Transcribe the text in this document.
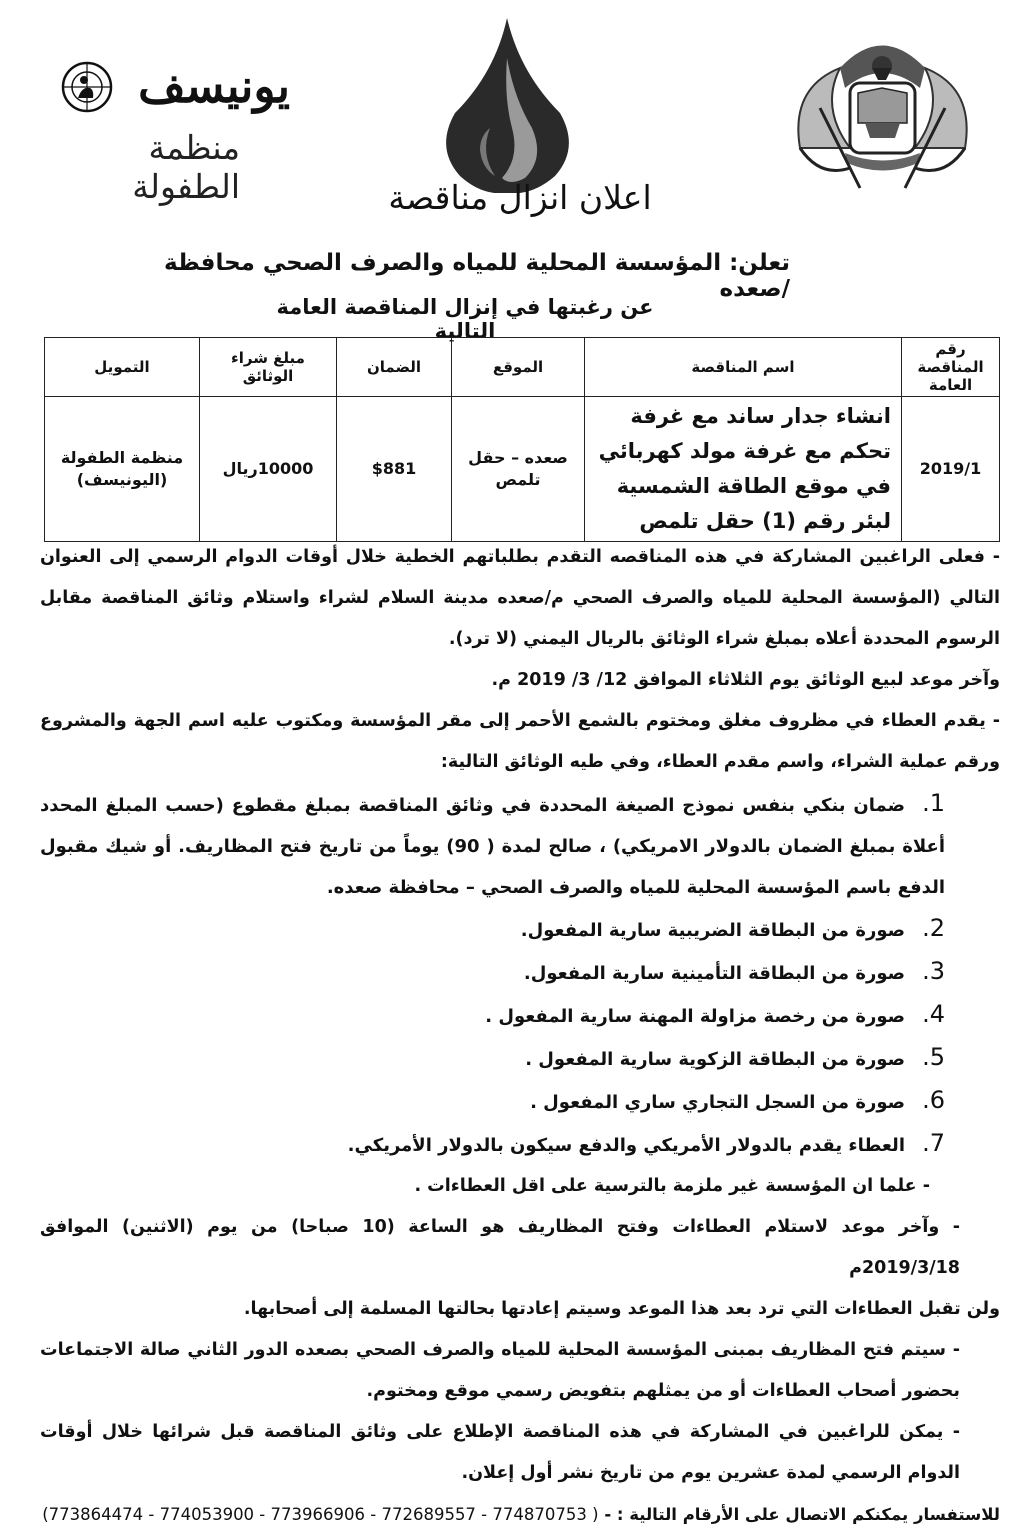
يونيسف
منظمة الطفولة	اعلان انزال مناقصة
تعلن: المؤسسة المحلية للمياه والصرف الصحي محافظة /صعده
عن رغبتها في إنزال المناقصة العامة التالية
رقم المناقصة العامة	اسم المناقصة	الموقع	الضمان	مبلغ شراء الوثائق	التمويل
2019/1	انشاء جدار ساند مع غرفة تحكم مع غرفة مولد كهربائي في موقع الطاقة الشمسية لبئر رقم (1) حقل تلمص	صعده – حقل تلمص	$881	10000ريال	منظمة الطفولة (اليونيسف)

- فعلى الراغبين المشاركة في هذه المناقصه التقدم بطلباتهم الخطية خلال أوقات الدوام الرسمي إلى العنوان التالي (المؤسسة المحلية للمياه والصرف الصحي م/صعده مدينة السلام لشراء واستلام وثائق المناقصة مقابل الرسوم المحددة أعلاه بمبلغ شراء الوثائق بالريال اليمني (لا ترد).

وآخر موعد لبيع الوثائق يوم الثلاثاء الموافق 12/ 3/ 2019 م.

- يقدم العطاء في مظروف مغلق ومختوم بالشمع الأحمر إلى مقر المؤسسة ومكتوب عليه اسم الجهة والمشروع ورقم عملية الشراء، واسم مقدم العطاء، وفي طيه الوثائق التالية:

1.ضمان بنكي بنفس نموذج الصيغة المحددة في وثائق المناقصة بمبلغ مقطوع (حسب المبلغ المحدد أعلاة بمبلغ الضمان بالدولار الامريكي) ، صالح لمدة ( 90) يوماً من تاريخ فتح المظاريف. أو شيك مقبول الدفع باسم المؤسسة المحلية للمياه والصرف الصحي – محافظة صعده.

2.صورة من البطاقة الضريبية سارية المفعول.

3.صورة من البطاقة التأمينية سارية المفعول.

4.صورة من رخصة مزاولة المهنة سارية المفعول .

5.صورة من البطاقة الزكوية سارية المفعول .

6.صورة من السجل التجاري ساري المفعول .

7.العطاء يقدم بالدولار الأمريكي والدفع سيكون بالدولار الأمريكي.

- علما ان المؤسسة غير ملزمة بالترسية على اقل العطاءات .

- وآخر موعد لاستلام العطاءات وفتح المظاريف هو الساعة (10 صباحا) من يوم (الاثنين) الموافق 2019/3/18م

ولن تقبل العطاءات التي ترد بعد هذا الموعد وسيتم إعادتها بحالتها المسلمة إلى أصحابها.

- سيتم فتح المظاريف بمبنى المؤسسة المحلية للمياه والصرف الصحي بصعده الدور الثاني صالة الاجتماعات بحضور أصحاب العطاءات أو من يمثلهم بتفويض رسمي موقع ومختوم.

- يمكن للراغبين في المشاركة في هذه المناقصة الإطلاع على وثائق المناقصة قبل شرائها خلال أوقات الدوام الرسمي لمدة عشرين يوم من تاريخ نشر أول إعلان.

للاستفسار يمكنكم الاتصال على الأرقام التالية : - ( 774870753 - 772689557 - 773966906 - 774053900 - 773864474)
